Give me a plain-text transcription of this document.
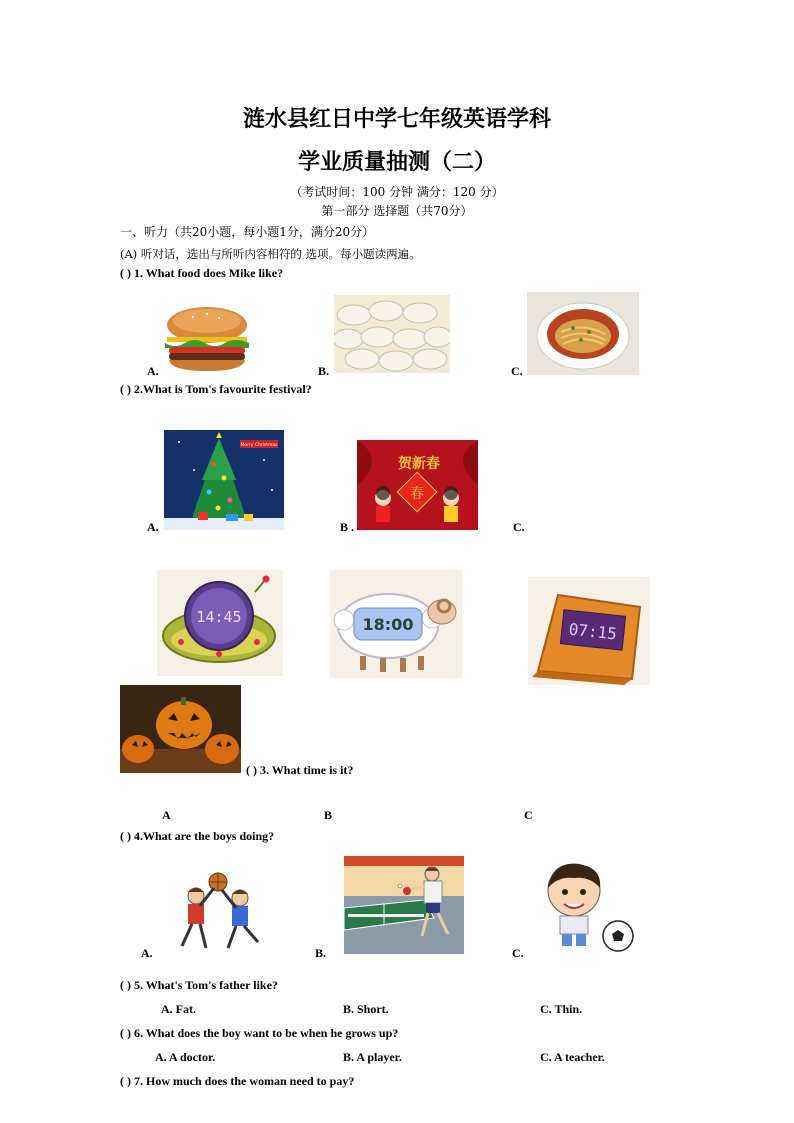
涟水县红日中学七年级英语学科
学业质量抽测（二）
（考试时间：100 分钟 满分：120 分）
第一部分 选择题（共70分）
一、听力（共20小题，每小题1分，满分20分）
(A) 听对话，选出与所听内容相符的 选项。每小题读两遍。
( ) 1. What food does Mike like?
A.	B.	C.
( ) 2.What is Tom's favourite festival?
Merry Christmas
A.
贺新春
春
B .	C.
14:45	18:00	07:15
( ) 3. What time is it?
A	B	C
( ) 4.What are the boys doing?
A.	B.	C.
( ) 5. What's Tom's father like?
A. Fat.	B. Short.	C. Thin.
( ) 6. What does the boy want to be when he grows up?
A. A doctor.	B. A player.	C. A teacher.
( ) 7. How much does the woman need to pay?
